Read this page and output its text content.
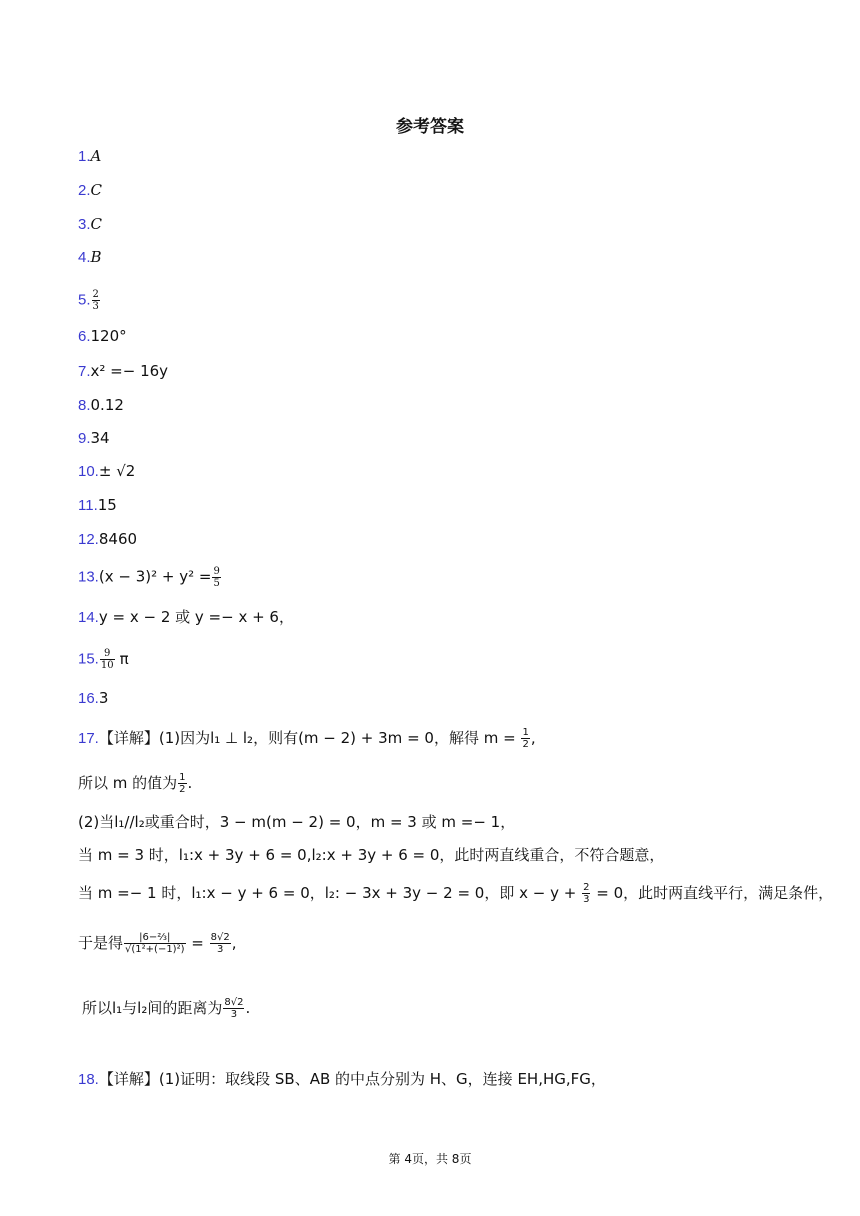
参考答案
1.A
2.C
3.C
4.B
5. $\frac{2}{3}$
6.120°
7.x² =− 16y
8.0.12
9.34
10.± √2
11.15
12.8460
$13.(x - 3)^2 + y^2 = \frac{9}{5}$
14.y = x − 2 或 y =− x + 6，
15. $\frac{9}{10}$ π
16.3
17.【详解】(1)因为l₁ ⊥ l₂，则有(m − 2) + 3m = 0，解得 $m = \frac{1}{2}$ ,
所以 m 的值为 $\frac{1}{2}$ .
(2)当l₁//l₂或重合时，3 − m(m − 2) = 0，m = 3 或 m =− 1，
当 m = 3 时，l₁:x + 3y + 6 = 0,l₂:x + 3y + 6 = 0，此时两直线重合，不符合题意，
当 m =− 1 时，l₁:x − y + 6 = 0，l₂: − 3x + 3y − 2 = 0，即 $x - y + \frac{2}{3} = 0$，此时两直线平行，满足条件，
于是得 $\frac{\text{|6−⅔|}}{\text{√(1²+(−1)²)}} = \frac{8√2}{3}$ ,
所以l₁与l₂间的距离为 $\frac{8√2}{3}$ .
18.【详解】(1)证明：取线段 SB、AB 的中点分别为 H、G，连接 EH,HG,FG，
第 4页，共 8页
